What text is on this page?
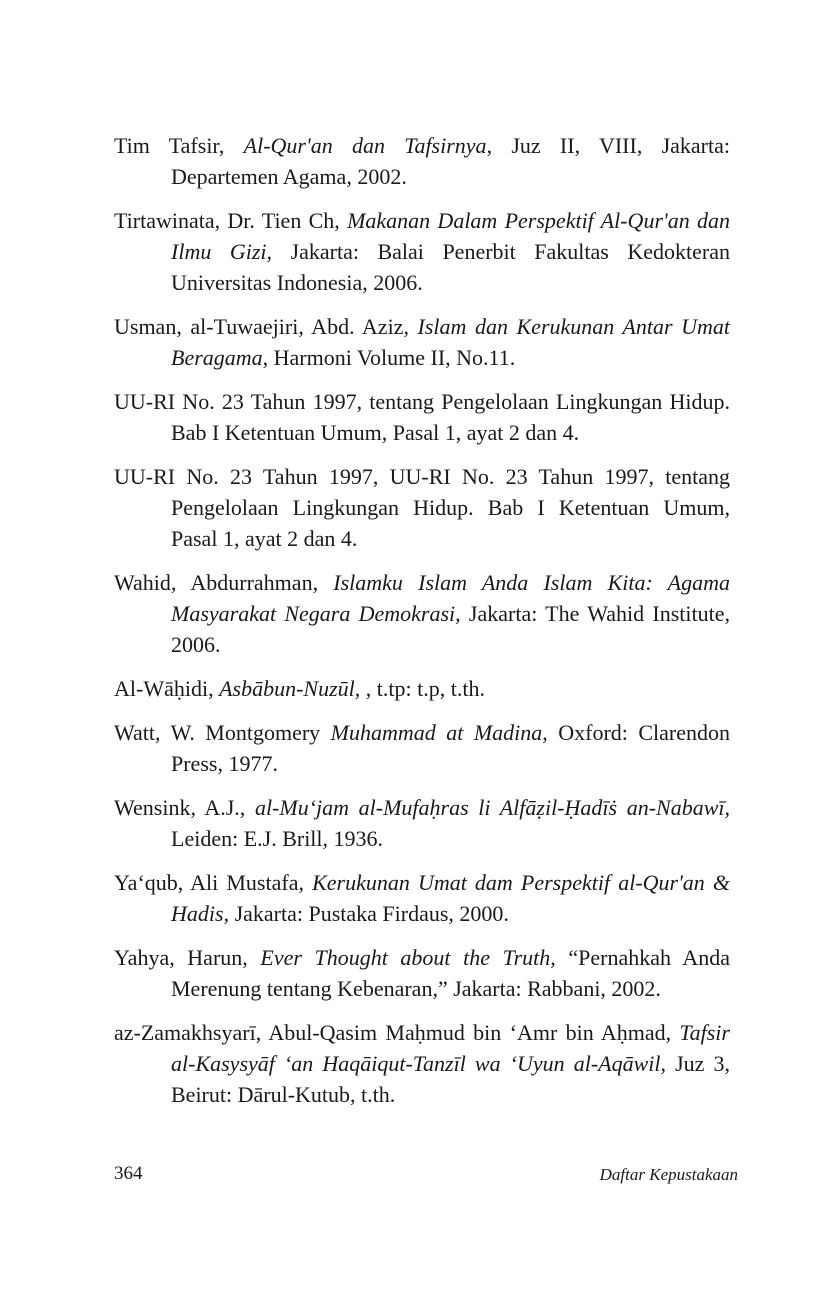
Tim Tafsir, Al-Qur'an dan Tafsirnya, Juz II, VIII, Jakarta: Departemen Agama, 2002.
Tirtawinata, Dr. Tien Ch, Makanan Dalam Perspektif Al-Qur'an dan Ilmu Gizi, Jakarta: Balai Penerbit Fakultas Kedokteran Universitas Indonesia, 2006.
Usman, al-Tuwaejiri, Abd. Aziz, Islam dan Kerukunan Antar Umat Beragama, Harmoni Volume II, No.11.
UU-RI No. 23 Tahun 1997, tentang Pengelolaan Lingkungan Hidup. Bab I Ketentuan Umum, Pasal 1, ayat 2 dan 4.
UU-RI No. 23 Tahun 1997, UU-RI No. 23 Tahun 1997, tentang Pengelolaan Lingkungan Hidup. Bab I Ketentuan Umum, Pasal 1, ayat 2 dan 4.
Wahid, Abdurrahman, Islamku Islam Anda Islam Kita: Agama Masyarakat Negara Demokrasi, Jakarta: The Wahid Institute, 2006.
Al-Wāḥidi, Asbābun-Nuzūl, , t.tp: t.p, t.th.
Watt, W. Montgomery Muhammad at Madina, Oxford: Clarendon Press, 1977.
Wensink, A.J., al-Mu‘jam al-Mufaḥras li Alfāẓil-Ḥadīṡ an-Nabawī, Leiden: E.J. Brill, 1936.
Ya‘qub, Ali Mustafa, Kerukunan Umat dam Perspektif al-Qur'an & Hadis, Jakarta: Pustaka Firdaus, 2000.
Yahya, Harun, Ever Thought about the Truth, “Pernahkah Anda Merenung tentang Kebenaran,” Jakarta: Rabbani, 2002.
az-Zamakhsyarī, Abul-Qasim Maḥmud bin ‘Amr bin Aḥmad, Tafsir al-Kasysyāf ‘an Haqāiqut-Tanzīl wa ‘Uyun al-Aqāwil, Juz 3, Beirut: Dārul-Kutub, t.th.
364	Daftar Kepustakaan
